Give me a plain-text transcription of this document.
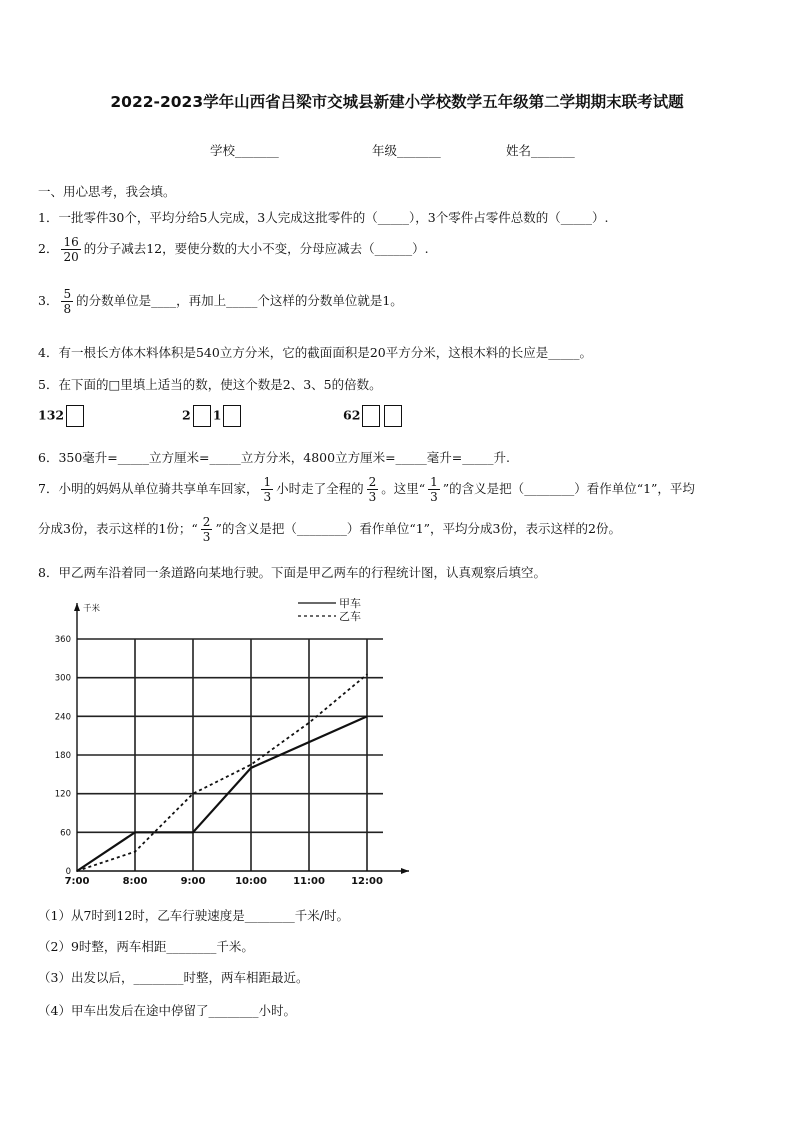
2022-2023学年山西省吕梁市交城县新建小学校数学五年级第二学期期末联考试题
学校_______	年级_______	姓名_______
一、用心思考，我会填。
1．一批零件30个，平均分给5人完成，3人完成这批零件的（_____），3个零件占零件总数的（_____）.
2． $\frac{16}{20}$ 的分子减去12，要使分数的大小不变，分母应减去（______）.
3． $\frac{5}{8}$ 的分数单位是____，再加上_____个这样的分数单位就是1。
4．有一根长方体木料体积是540立方分米，它的截面面积是20平方分米，这根木料的长应是_____。
5．在下面的□里填上适当的数，使这个数是2、3、5的倍数。
132	2 1	62
6．350毫升=_____立方厘米=_____立方分米，4800立方厘米=_____毫升=_____升.
7．小明的妈妈从单位骑共享单车回家， $\frac{1}{3}$ 小时走了全程的 $\frac{2}{3}$ 。这里“ $\frac{1}{3}$ ”的含义是把（________）看作单位“1”，平均
分成3份，表示这样的1份；“ $\frac{2}{3}$ ”的含义是把（________）看作单位“1”，平均分成3份，表示这样的2份。
8．甲乙两车沿着同一条道路向某地行驶。下面是甲乙两车的行程统计图，认真观察后填空。
0
60
120
180
240
300
360
千米
7:00	8:00	9:00	10:00	11:00	12:00
甲车
乙车
（1）从7时到12时，乙车行驶速度是________千米/时。
（2）9时整，两车相距________千米。
（3）出发以后，________时整，两车相距最近。
（4）甲车出发后在途中停留了________小时。
